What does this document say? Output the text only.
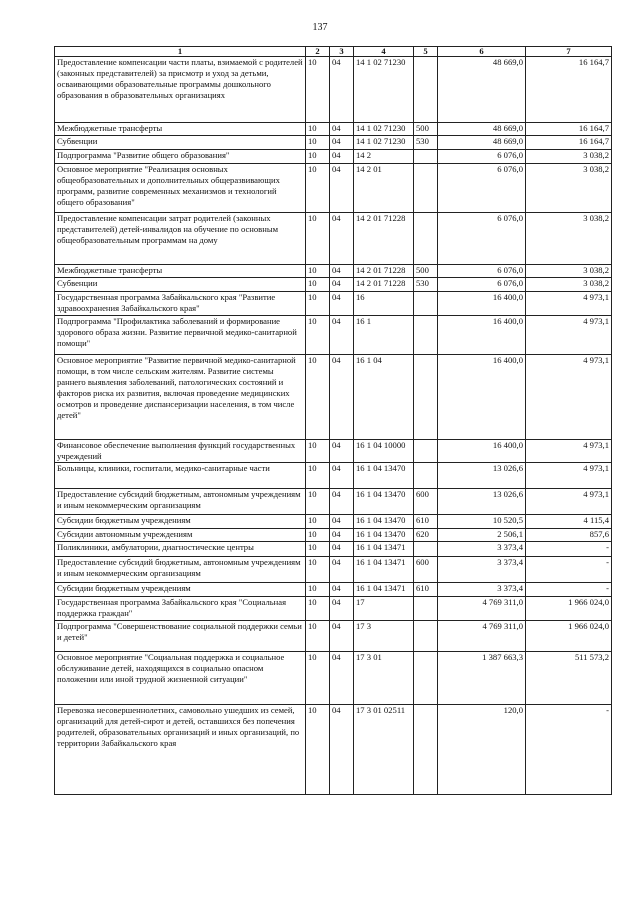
137
1	2	3	4	5	6	7
Предоставление компенсации части платы, взимаемой с родителей (законных представителей) за присмотр и уход за детьми, осваивающими образовательные программы дошкольного образования в образовательных организациях	10	04	14 1 02 71230		48 669,0	16 164,7
Межбюджетные трансферты	10	04	14 1 02 71230	500	48 669,0	16 164,7
Субвенции	10	04	14 1 02 71230	530	48 669,0	16 164,7
Подпрограмма "Развитие общего образования"	10	04	14 2		6 076,0	3 038,2
Основное мероприятие "Реализация основных общеобразовательных и дополнительных общеразвивающих программ, развитие современных механизмов и технологий общего образования"	10	04	14 2 01		6 076,0	3 038,2
Предоставление компенсации затрат родителей (законных представителей) детей-инвалидов на обучение по основным общеобразовательным программам на дому	10	04	14 2 01 71228		6 076,0	3 038,2
Межбюджетные трансферты	10	04	14 2 01 71228	500	6 076,0	3 038,2
Субвенции	10	04	14 2 01 71228	530	6 076,0	3 038,2
Государственная программа Забайкальского края "Развитие здравоохранения Забайкальского края"	10	04	16		16 400,0	4 973,1
Подпрограмма "Профилактика заболеваний и формирование здорового образа жизни. Развитие первичной медико-санитарной помощи"	10	04	16 1		16 400,0	4 973,1
Основное мероприятие "Развитие первичной медико-санитарной помощи, в том числе сельским жителям. Развитие системы раннего выявления заболеваний, патологических состояний и факторов риска их развития, включая проведение медицинских осмотров и проведение диспансеризации населения, в том числе детей"	10	04	16 1 04		16 400,0	4 973,1
Финансовое обеспечение выполнения функций государственных учреждений	10	04	16 1 04 10000		16 400,0	4 973,1
Больницы, клиники, госпитали, медико-санитарные части	10	04	16 1 04 13470		13 026,6	4 973,1
Предоставление субсидий бюджетным, автономным учреждениям и иным некоммерческим организациям	10	04	16 1 04 13470	600	13 026,6	4 973,1
Субсидии бюджетным учреждениям	10	04	16 1 04 13470	610	10 520,5	4 115,4
Субсидии автономным учреждениям	10	04	16 1 04 13470	620	2 506,1	857,6
Поликлиники, амбулатории, диагностические центры	10	04	16 1 04 13471		3 373,4	-
Предоставление субсидий бюджетным, автономным учреждениям и иным некоммерческим организациям	10	04	16 1 04 13471	600	3 373,4	-
Субсидии бюджетным учреждениям	10	04	16 1 04 13471	610	3 373,4	-
Государственная программа Забайкальского края "Социальная поддержка граждан"	10	04	17		4 769 311,0	1 966 024,0
Подпрограмма "Совершенствование социальной поддержки семьи и детей"	10	04	17 3		4 769 311,0	1 966 024,0
Основное мероприятие "Социальная поддержка и социальное обслуживание детей, находящихся в социально опасном положении или иной трудной жизненной ситуации"	10	04	17 3 01		1 387 663,3	511 573,2
Перевозка несовершеннолетних, самовольно ушедших из семей, организаций для детей-сирот и детей, оставшихся без попечения родителей, образовательных организаций и иных организаций, по территории Забайкальского края	10	04	17 3 01 02511		120,0	-
